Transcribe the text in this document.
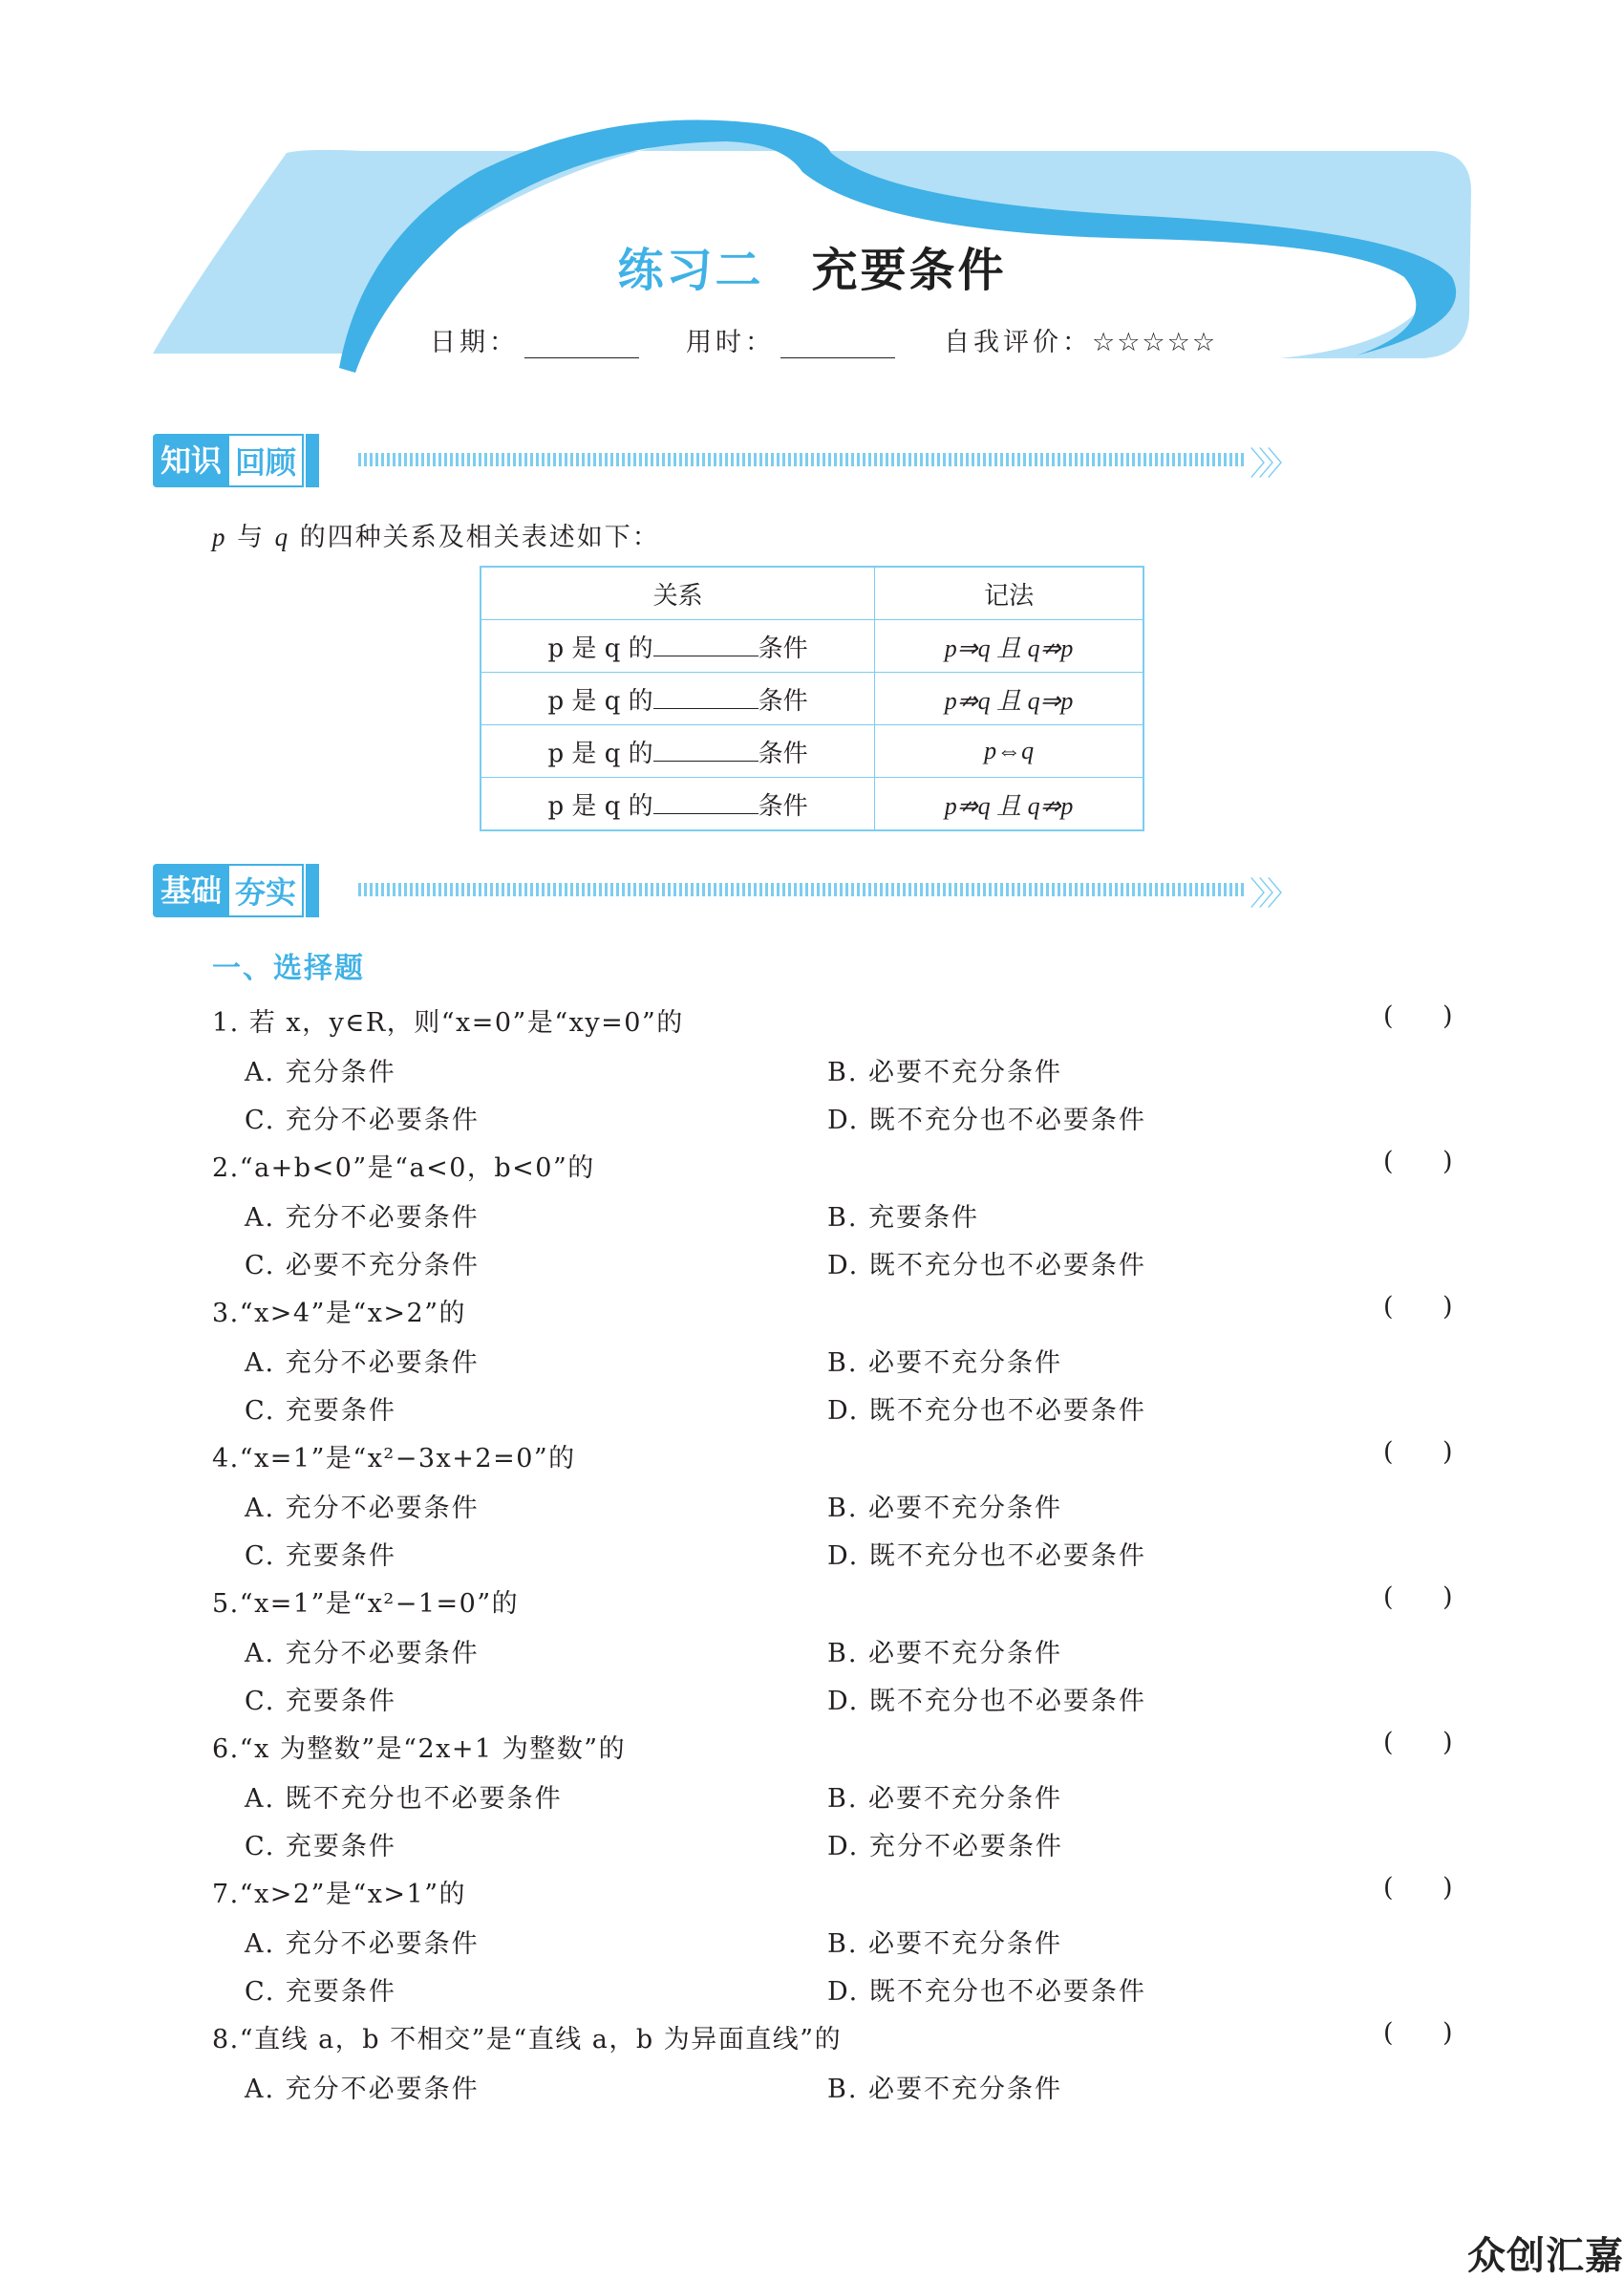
练习二 充要条件
日期：	用时：	自我评价：☆☆☆☆☆
知识 回顾	〉〉〉
p 与 q 的四种关系及相关表述如下：
关系	记法
p 是 q 的 条件	p⇒q 且 q⇏p
p 是 q 的 条件	p⇏q 且 q⇒p
p 是 q 的 条件	p⇔q
p 是 q 的 条件	p⇏q 且 q⇏p
基础 夯实	〉〉〉
一、选择题
1. 若 x，y∈R，则“x=0”是“xy=0”的	(      )
A. 充分条件	B. 必要不充分条件
C. 充分不必要条件	D. 既不充分也不必要条件
2.“a+b<0”是“a<0，b<0”的	(      )
A. 充分不必要条件	B. 充要条件
C. 必要不充分条件	D. 既不充分也不必要条件
3.“x>4”是“x>2”的	(      )
A. 充分不必要条件	B. 必要不充分条件
C. 充要条件	D. 既不充分也不必要条件
4.“x=1”是“x²−3x+2=0”的	(      )
A. 充分不必要条件	B. 必要不充分条件
C. 充要条件	D. 既不充分也不必要条件
5.“x=1”是“x²−1=0”的	(      )
A. 充分不必要条件	B. 必要不充分条件
C. 充要条件	D. 既不充分也不必要条件
6.“x 为整数”是“2x+1 为整数”的	(      )
A. 既不充分也不必要条件	B. 必要不充分条件
C. 充要条件	D. 充分不必要条件
7.“x>2”是“x>1”的	(      )
A. 充分不必要条件	B. 必要不充分条件
C. 充要条件	D. 既不充分也不必要条件
8.“直线 a，b 不相交”是“直线 a，b 为异面直线”的	(      )
A. 充分不必要条件	B. 必要不充分条件
众创汇嘉
